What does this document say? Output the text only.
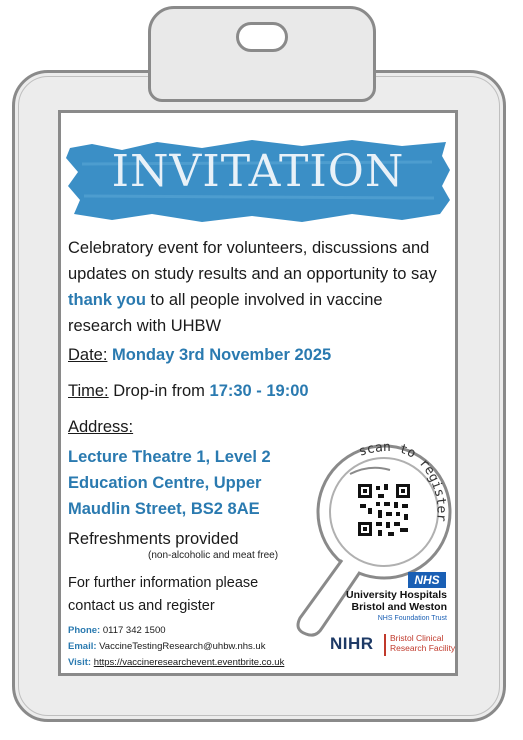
INVITATION
Celebratory event for volunteers, discussions and updates on study results and an opportunity to say thank you to all people involved in vaccine research with UHBW
Date: Monday 3rd November 2025
Time: Drop-in from 17:30 - 19:00
Address:
Lecture Theatre 1, Level 2
Education Centre, Upper
Maudlin Street, BS2 8AE
Refreshments provided
(non-alcoholic and meat free)
For further information please
contact us and register
Phone: 0117 342 1500
Email: VaccineTestingResearch@uhbw.nhs.uk
Visit: https://vaccineresearchevent.eventbrite.co.uk
scan to register
NHS
University Hospitals
Bristol and Weston
NHS Foundation Trust
NIHR Bristol Clinical
Research Facility
